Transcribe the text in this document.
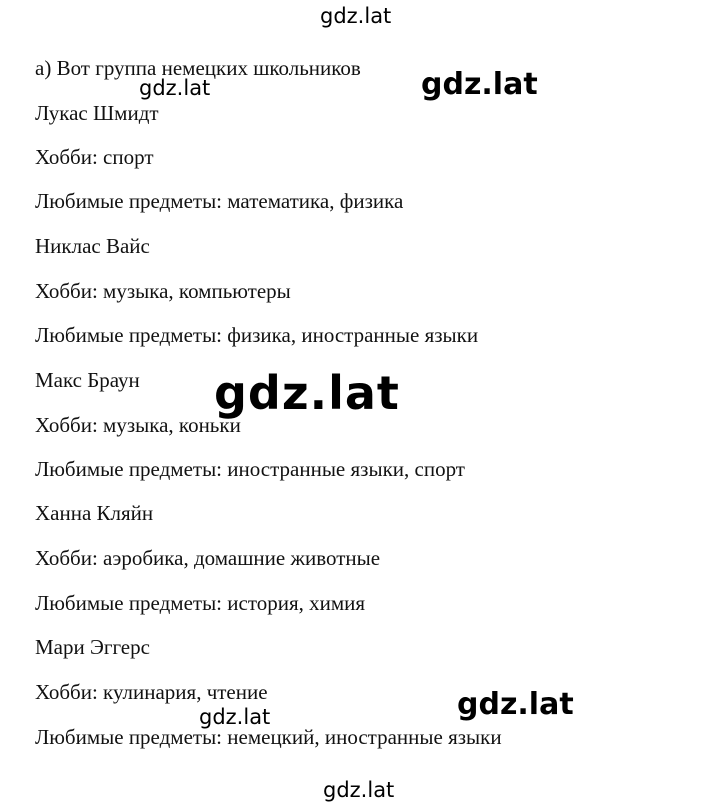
а) Вот группа немецких школьников

Лукас Шмидт

Хобби: спорт

Любимые предметы: математика, физика

Никлас Вайс

Хобби: музыка, компьютеры

Любимые предметы: физика, иностранные языки

Макс Браун

Хобби: музыка, коньки

Любимые предметы: иностранные языки, спорт

Ханна Кляйн

Хобби: аэробика, домашние животные

Любимые предметы: история, химия

Мари Эггерс

Хобби: кулинария, чтение

Любимые предметы: немецкий, иностранные языки

gdz.lat
gdz.lat	gdz.lat
gdz.lat
gdz.lat	gdz.lat
gdz.lat
